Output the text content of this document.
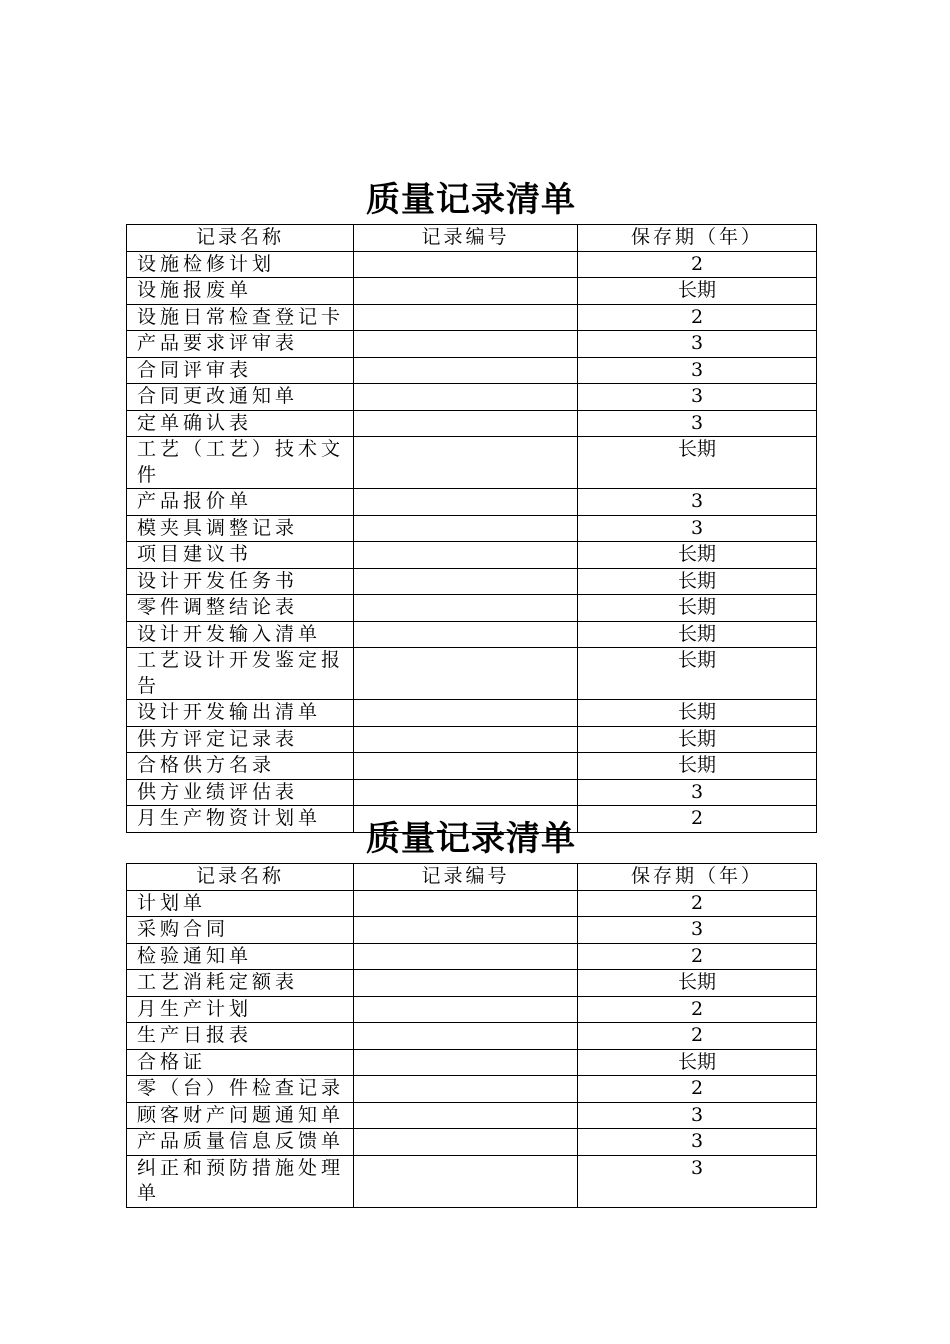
质量记录清单
记录名称	记录编号	保存期（年）
设施检修计划		2
设施报废单		长期
设施日常检查登记卡		2
产品要求评审表		3
合同评审表		3
合同更改通知单		3
定单确认表		3
工艺（工艺）技术文件		长期
产品报价单		3
模夹具调整记录		3
项目建议书		长期
设计开发任务书		长期
零件调整结论表		长期
设计开发输入清单		长期
工艺设计开发鉴定报告		长期
设计开发输出清单		长期
供方评定记录表		长期
合格供方名录		长期
供方业绩评估表		3
月生产物资计划单		2
质量记录清单
记录名称	记录编号	保存期（年）
计划单		2
采购合同		3
检验通知单		2
工艺消耗定额表		长期
月生产计划		2
生产日报表		2
合格证		长期
零（台）件检查记录		2
顾客财产问题通知单		3
产品质量信息反馈单		3
纠正和预防措施处理单		3
